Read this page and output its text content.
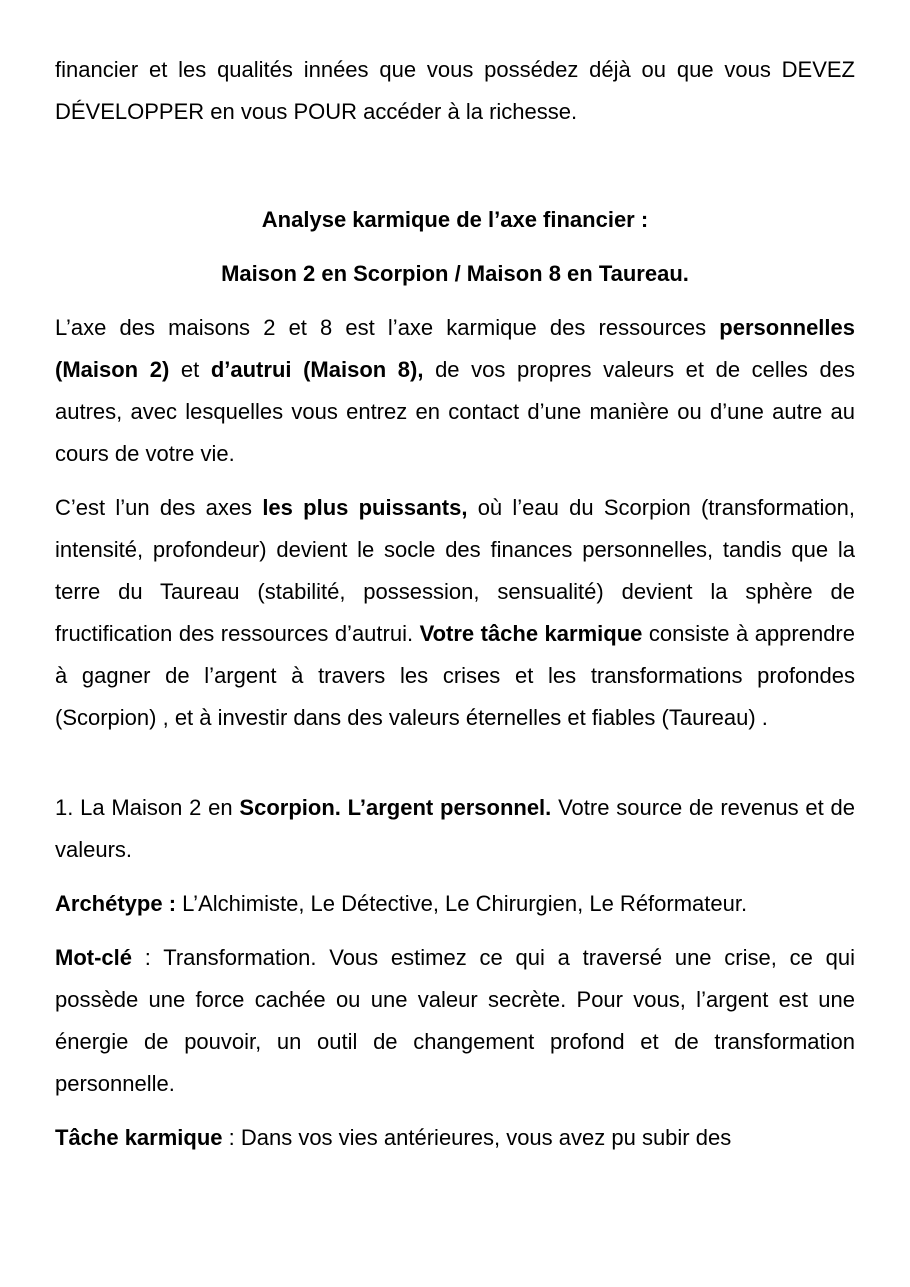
financier et les qualités innées que vous possédez déjà ou que vous DEVEZ DÉVELOPPER en vous POUR accéder à la richesse.

Analyse karmique de l’axe financier :

Maison 2 en Scorpion / Maison 8 en Taureau.

L’axe des maisons 2 et 8 est l’axe karmique des ressources personnelles (Maison 2) et d’autrui (Maison 8), de vos propres valeurs et de celles des autres, avec lesquelles vous entrez en contact d’une manière ou d’une autre au cours de votre vie.

C’est l’un des axes les plus puissants, où l’eau du Scorpion (transformation, intensité, profondeur) devient le socle des finances personnelles, tandis que la terre du Taureau (stabilité, possession, sensualité) devient la sphère de fructification des ressources d’autrui. Votre tâche karmique consiste à apprendre à gagner de l’argent à travers les crises et les transformations profondes (Scorpion) , et à investir dans des valeurs éternelles et fiables (Taureau) .

1. La Maison 2 en Scorpion. L’argent personnel. Votre source de revenus et de valeurs.

Archétype : L’Alchimiste, Le Détective, Le Chirurgien, Le Réformateur.

Mot-clé : Transformation. Vous estimez ce qui a traversé une crise, ce qui possède une force cachée ou une valeur secrète. Pour vous, l’argent est une énergie de pouvoir, un outil de changement profond et de transformation personnelle.

Tâche karmique : Dans vos vies antérieures, vous avez pu subir des
